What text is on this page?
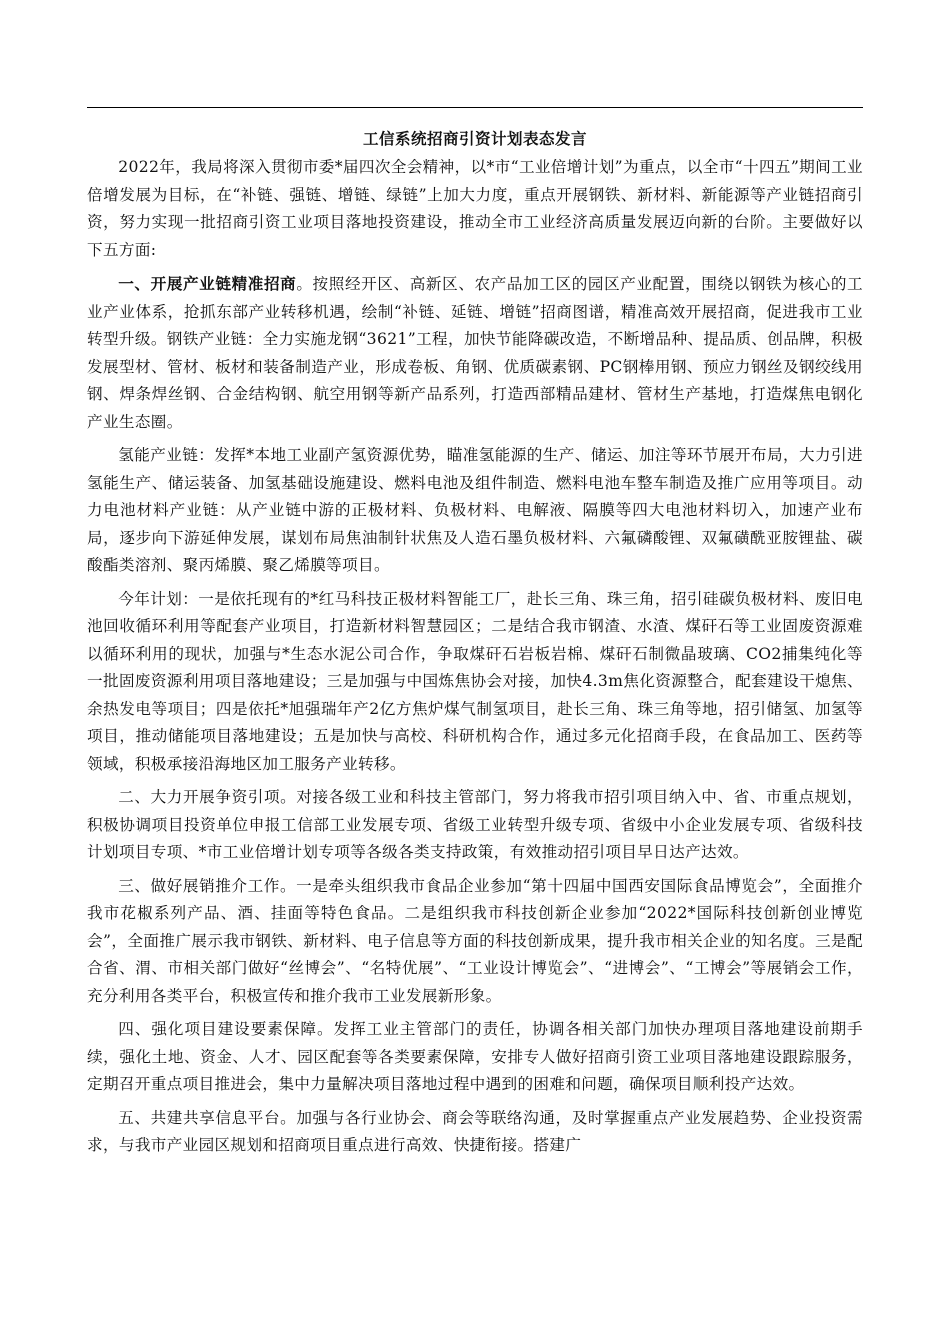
工信系统招商引资计划表态发言

2022年，我局将深入贯彻市委*届四次全会精神，以*市“工业倍增计划”为重点，以全市“十四五”期间工业倍增发展为目标，在“补链、强链、增链、绿链”上加大力度，重点开展钢铁、新材料、新能源等产业链招商引资，努力实现一批招商引资工业项目落地投资建设，推动全市工业经济高质量发展迈向新的台阶。主要做好以下五方面:

一、开展产业链精准招商。按照经开区、高新区、农产品加工区的园区产业配置，围绕以钢铁为核心的工业产业体系，抢抓东部产业转移机遇，绘制“补链、延链、增链”招商图谱，精准高效开展招商，促进我市工业转型升级。钢铁产业链：全力实施龙钢“3621”工程，加快节能降碳改造，不断增品种、提品质、创品牌，积极发展型材、管材、板材和装备制造产业，形成卷板、角钢、优质碳素钢、PC钢棒用钢、预应力钢丝及钢绞线用钢、焊条焊丝钢、合金结构钢、航空用钢等新产品系列，打造西部精品建材、管材生产基地，打造煤焦电钢化产业生态圈。

氢能产业链：发挥*本地工业副产氢资源优势，瞄准氢能源的生产、储运、加注等环节展开布局，大力引进氢能生产、储运装备、加氢基础设施建设、燃料电池及组件制造、燃料电池车整车制造及推广应用等项目。动力电池材料产业链：从产业链中游的正极材料、负极材料、电解液、隔膜等四大电池材料切入，加速产业布局，逐步向下游延伸发展，谋划布局焦油制针状焦及人造石墨负极材料、六氟磷酸锂、双氟磺酰亚胺锂盐、碳酸酯类溶剂、聚丙烯膜、聚乙烯膜等项目。

今年计划：一是依托现有的*红马科技正极材料智能工厂，赴长三角、珠三角，招引硅碳负极材料、废旧电池回收循环利用等配套产业项目，打造新材料智慧园区；二是结合我市钢渣、水渣、煤矸石等工业固废资源难以循环利用的现状，加强与*生态水泥公司合作，争取煤矸石岩板岩棉、煤矸石制微晶玻璃、CO2捕集纯化等一批固废资源利用项目落地建设；三是加强与中国炼焦协会对接，加快4.3m焦化资源整合，配套建设干熄焦、余热发电等项目；四是依托*旭强瑞年产2亿方焦炉煤气制氢项目，赴长三角、珠三角等地，招引储氢、加氢等项目，推动储能项目落地建设；五是加快与高校、科研机构合作，通过多元化招商手段，在食品加工、医药等领域，积极承接沿海地区加工服务产业转移。

二、大力开展争资引项。对接各级工业和科技主管部门，努力将我市招引项目纳入中、省、市重点规划，积极协调项目投资单位申报工信部工业发展专项、省级工业转型升级专项、省级中小企业发展专项、省级科技计划项目专项、*市工业倍增计划专项等各级各类支持政策，有效推动招引项目早日达产达效。

三、做好展销推介工作。一是牵头组织我市食品企业参加“第十四届中国西安国际食品博览会”，全面推介我市花椒系列产品、酒、挂面等特色食品。二是组织我市科技创新企业参加“2022*国际科技创新创业博览会”，全面推广展示我市钢铁、新材料、电子信息等方面的科技创新成果，提升我市相关企业的知名度。三是配合省、渭、市相关部门做好“丝博会”、“名特优展”、“工业设计博览会”、“进博会”、“工博会”等展销会工作，充分利用各类平台，积极宣传和推介我市工业发展新形象。

四、强化项目建设要素保障。发挥工业主管部门的责任，协调各相关部门加快办理项目落地建设前期手续，强化土地、资金、人才、园区配套等各类要素保障，安排专人做好招商引资工业项目落地建设跟踪服务，定期召开重点项目推进会，集中力量解决项目落地过程中遇到的困难和问题，确保项目顺利投产达效。

五、共建共享信息平台。加强与各行业协会、商会等联络沟通，及时掌握重点产业发展趋势、企业投资需求，与我市产业园区规划和招商项目重点进行高效、快捷衔接。搭建广
